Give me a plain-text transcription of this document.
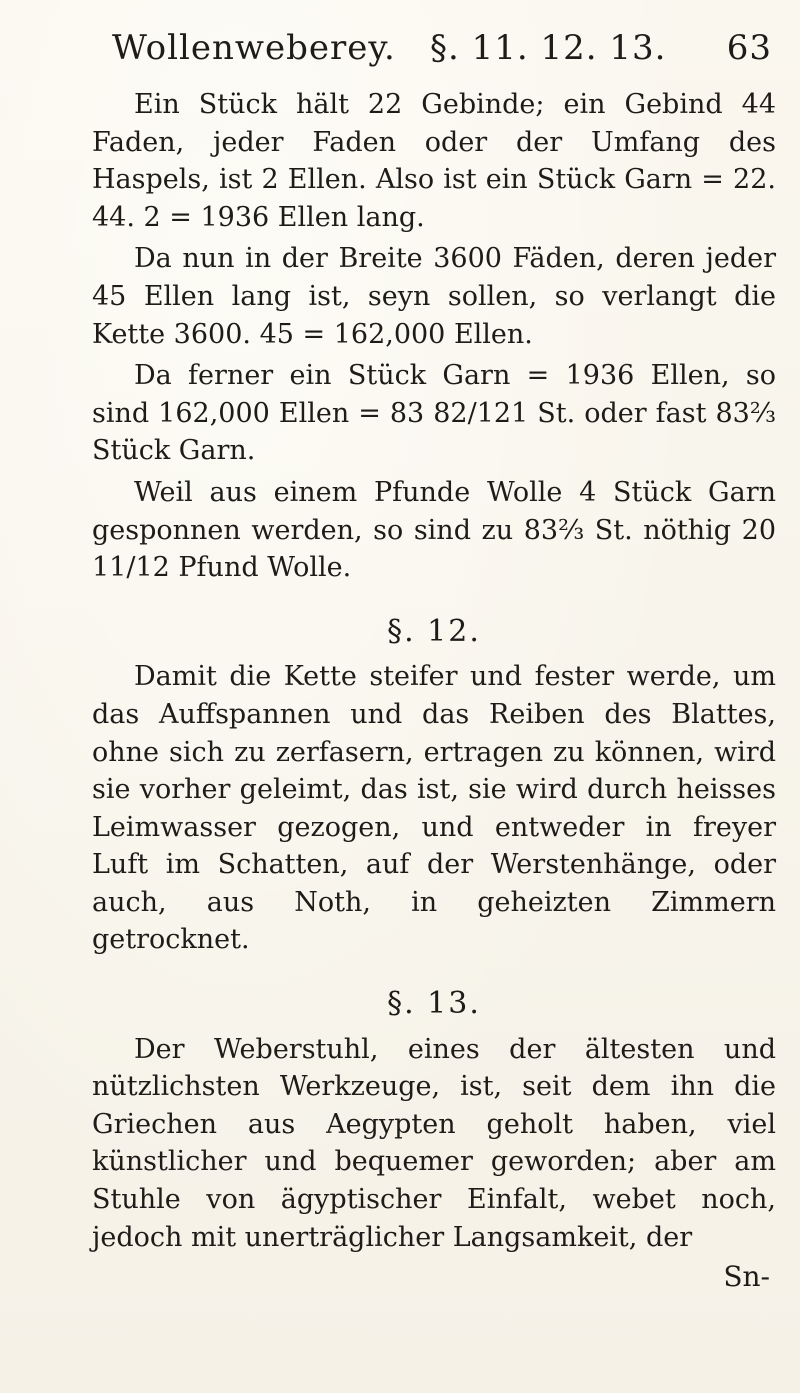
Wollenweberey. §. 11. 12. 13. 63

Ein Stück hält 22 Gebinde; ein Gebind 44 Faden, jeder Faden oder der Umfang des Haspels, ist 2 Ellen. Also ist ein Stück Garn = 22. 44. 2 = 1936 Ellen lang.

Da nun in der Breite 3600 Fäden, deren jeder 45 Ellen lang ist, seyn sollen, so verlangt die Kette 3600. 45 = 162,000 Ellen.

Da ferner ein Stück Garn = 1936 Ellen, so sind 162,000 Ellen = 83 82/121 St. oder fast 83⅔ Stück Garn.

Weil aus einem Pfunde Wolle 4 Stück Garn gesponnen werden, so sind zu 83⅔ St. nöthig 20 11/12 Pfund Wolle.

§. 12.

Damit die Kette steifer und fester werde, um das Auffspannen und das Reiben des Blattes, ohne sich zu zerfasern, ertragen zu können, wird sie vorher geleimt, das ist, sie wird durch heisses Leimwasser gezogen, und entweder in freyer Luft im Schatten, auf der Werstenhänge, oder auch, aus Noth, in geheizten Zimmern getrocknet.

§. 13.

Der Weberstuhl, eines der ältesten und nützlichsten Werkzeuge, ist, seit dem ihn die Griechen aus Aegypten geholt haben, viel künstlicher und bequemer geworden; aber am Stuhle von ägyptischer Einfalt, webet noch, jedoch mit unerträglicher Langsamkeit, der

Sn-
